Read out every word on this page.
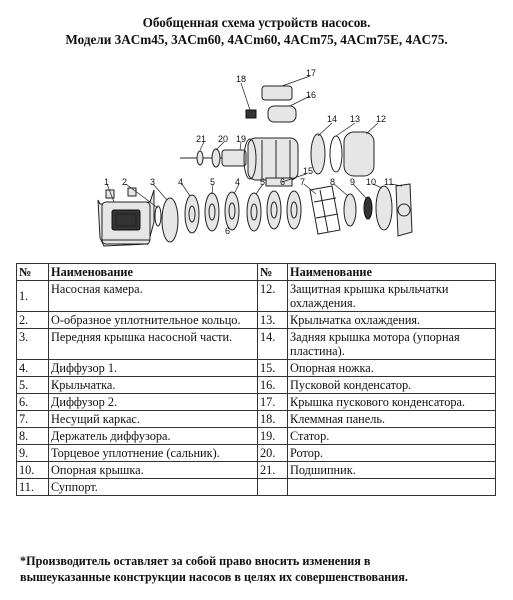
Обобщенная схема устройств насосов.
Модели 3ACm45, 3ACm60, 4ACm60, 4ACm75, 4ACm75E, 4AC75.
1 2	3	4	5
6
4 5 6 7	8 9 10 11
12
13
14
15
16
17
18
19
20
21
№	Наименование	№	Наименование
1.	Насосная камера.	12.	Защитная крышка крыльчатки охлаждения.
2.	О-образное уплотнительное кольцо.	13.	Крыльчатка охлаждения.
3.	Передняя крышка насосной части.	14.	Задняя крышка мотора (упорная пластина).
4.	Диффузор 1.	15.	Опорная ножка.
5.	Крыльчатка.	16.	Пусковой конденсатор.
6.	Диффузор 2.	17.	Крышка пускового конденсатора.
7.	Несущий каркас.	18.	Клеммная панель.
8.	Держатель диффузора.	19.	Статор.
9.	Торцевое уплотнение (сальник).	20.	Ротор.
10.	Опорная крышка.	21.	Подшипник.
11.	Суппорт.		
*Производитель оставляет за собой право вносить изменения в
вышеуказанные конструкции насосов в целях их совершенствования.
